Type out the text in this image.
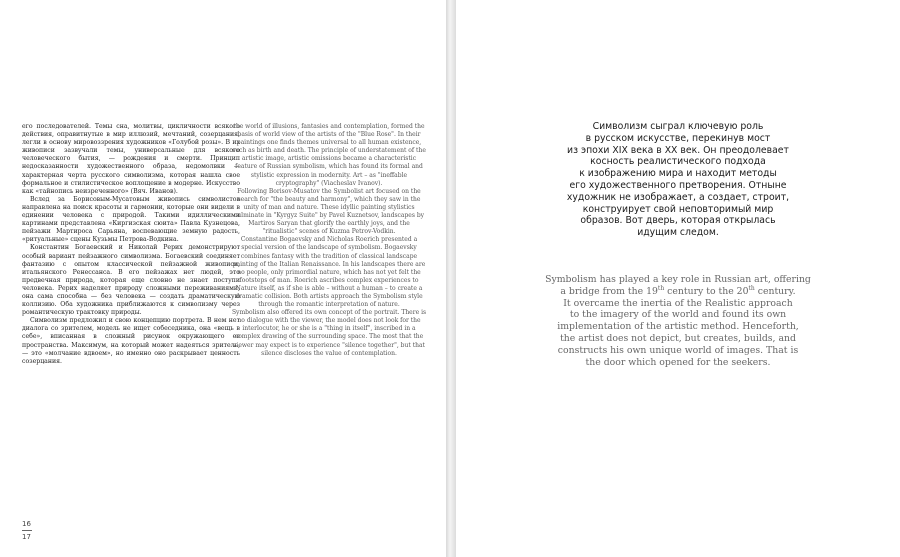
его последователей. Темы сна, молитвы, цикличности всякого действия, оправитнутые в мир иллюзий, мечтаний, созерцания, легли в основу мировоззрения художников «Голубой розы». В их живописи зазвучали темы, универсальные для всякого человеческого бытия, — рождения и смерти. Принцип недосказанности художественного образа, недомолвки — характерная черта русского символизма, которая нашла свое формальное и стилистическое воплощение в модерне. Искусство как «тайнопись неизреченного» (Вяч. Иванов).

Вслед за Борисовым-Мусатовым живопись символистов направлена на поиск красоты и гармонии, которые они видели в единении человека с природой. Такими идиллическими картинами представлена «Киргизская сюита» Павла Кузнецова, пейзажи Мартироса Сарьяна, воспевающие земную радость, «ритуальные» сцены Кузьмы Петрова-Водкина.

Константин Богаевский и Николай Рерих демонстрируют особый вариант пейзажного символизма. Богаевский соединяет фантазию с опытом классической пейзажной живописи, итальянского Ренессанса. В его пейзажах нет людей, это предвечная природа, которая еще словно не знает поступи человека. Рерих наделяет природу сложными переживаниями, она сама способна — без человека — создать драматическую коллизию. Оба художника приближаются к символизму через романтическую трактовку природы.

Символизм предложил и свою концепцию портрета. В нем нет диалога со зрителем, модель не ищет собеседника, она «вещь в себе», вписанная в сложный рисунок окружающего ее пространства. Максимум, на который может надеяться зритель, — это «молчание вдвоем», но именно оно раскрывает ценность созерцания.

the world of illusions, fantasies and contemplation, formed the basis of world view of the artists of the "Blue Rose". In their paintings one finds themes universal to all human existence, such as birth and death. The principle of understatement of the artistic image, artistic omissions became a characteristic feature of Russian symbolism, which has found its formal and stylistic expression in modernity. Art – as "ineffable cryptography" (Viacheslav Ivanov).

Following Borisov-Musatov the Symbolist art focused on the search for "the beauty and harmony", which they saw in the unity of man and nature. These idyllic painting stylistics culminate in "Kyrgyz Suite" by Pavel Kuznetsov, landscapes by Martiros Saryan that glorify the earthly joys, and the "ritualistic" scenes of Kuzma Petrov-Vodkin.

Constantine Bogaevsky and Nicholas Roerich presented a special version of the landscape of symbolism. Bogaevsky combines fantasy with the tradition of classical landscape painting of the Italian Renaissance. In his landscapes there are no people, only primordial nature, which has not yet felt the footsteps of man. Roerich ascribes complex experiences to Nature itself, as if she is able – without a human – to create a dramatic collision. Both artists approach the Symbolism style through the romantic interpretation of nature.

Symbolism also offered its own concept of the portrait. There is no dialogue with the viewer, the model does not look for the interlocutor, he or she is a "thing in itself", inscribed in a complex drawing of the surrounding space. The most that the viewer may expect is to experience "silence together", but that silence discloses the value of contemplation.

16
17
Символизм сыграл ключевую роль
в русском искусстве, перекинув мост
из эпохи XIX века в XX век. Он преодолевает
косность реалистического подхода
к изображению мира и находит методы
его художественного претворения. Отныне
художник не изображает, а создает, строит,
конструирует свой неповторимый мир
образов. Вот дверь, которая открылась
идущим следом.
Symbolism has played a key role in Russian art, offering
a bridge from the 19th century to the 20th century.
It overcame the inertia of the Realistic approach
to the imagery of the world and found its own
implementation of the artistic method. Henceforth,
the artist does not depict, but creates, builds, and
constructs his own unique world of images. That is
the door which opened for the seekers.
